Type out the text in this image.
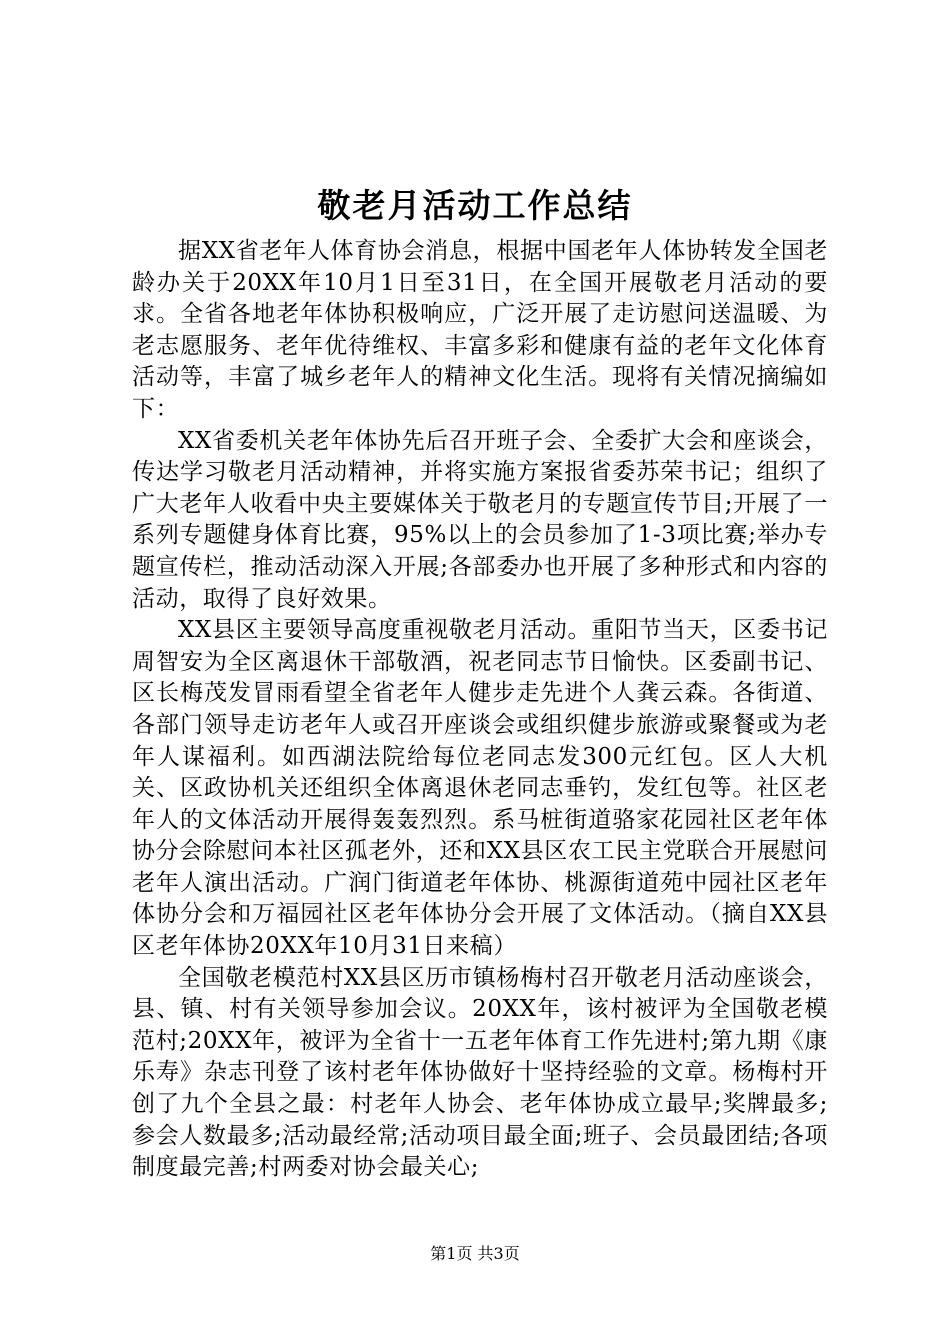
敬老月活动工作总结

据XX省老年人体育协会消息，根据中国老年人体协转发全国老龄办关于20XX年10月1日至31日，在全国开展敬老月活动的要求。全省各地老年体协积极响应，广泛开展了走访慰问送温暖、为老志愿服务、老年优待维权、丰富多彩和健康有益的老年文化体育活动等，丰富了城乡老年人的精神文化生活。现将有关情况摘编如下：

XX省委机关老年体协先后召开班子会、全委扩大会和座谈会，传达学习敬老月活动精神，并将实施方案报省委苏荣书记；组织了广大老年人收看中央主要媒体关于敬老月的专题宣传节目;开展了一系列专题健身体育比赛，95%以上的会员参加了1-3项比赛;举办专题宣传栏，推动活动深入开展;各部委办也开展了多种形式和内容的活动，取得了良好效果。

XX县区主要领导高度重视敬老月活动。重阳节当天，区委书记周智安为全区离退休干部敬酒，祝老同志节日愉快。区委副书记、区长梅茂发冒雨看望全省老年人健步走先进个人龚云森。各街道、各部门领导走访老年人或召开座谈会或组织健步旅游或聚餐或为老年人谋福利。如西湖法院给每位老同志发300元红包。区人大机关、区政协机关还组织全体离退休老同志垂钓，发红包等。社区老年人的文体活动开展得轰轰烈烈。系马桩街道骆家花园社区老年体协分会除慰问本社区孤老外，还和XX县区农工民主党联合开展慰问老年人演出活动。广润门街道老年体协、桃源街道苑中园社区老年体协分会和万福园社区老年体协分会开展了文体活动。（摘自XX县区老年体协20XX年10月31日来稿）

全国敬老模范村XX县区历市镇杨梅村召开敬老月活动座谈会，县、镇、村有关领导参加会议。20XX年，该村被评为全国敬老模范村;20XX年，被评为全省十一五老年体育工作先进村;第九期《康乐寿》杂志刊登了该村老年体协做好十坚持经验的文章。杨梅村开创了九个全县之最：村老年人协会、老年体协成立最早;奖牌最多;参会人数最多;活动最经常;活动项目最全面;班子、会员最团结;各项制度最完善;村两委对协会最关心;

第1页 共3页
